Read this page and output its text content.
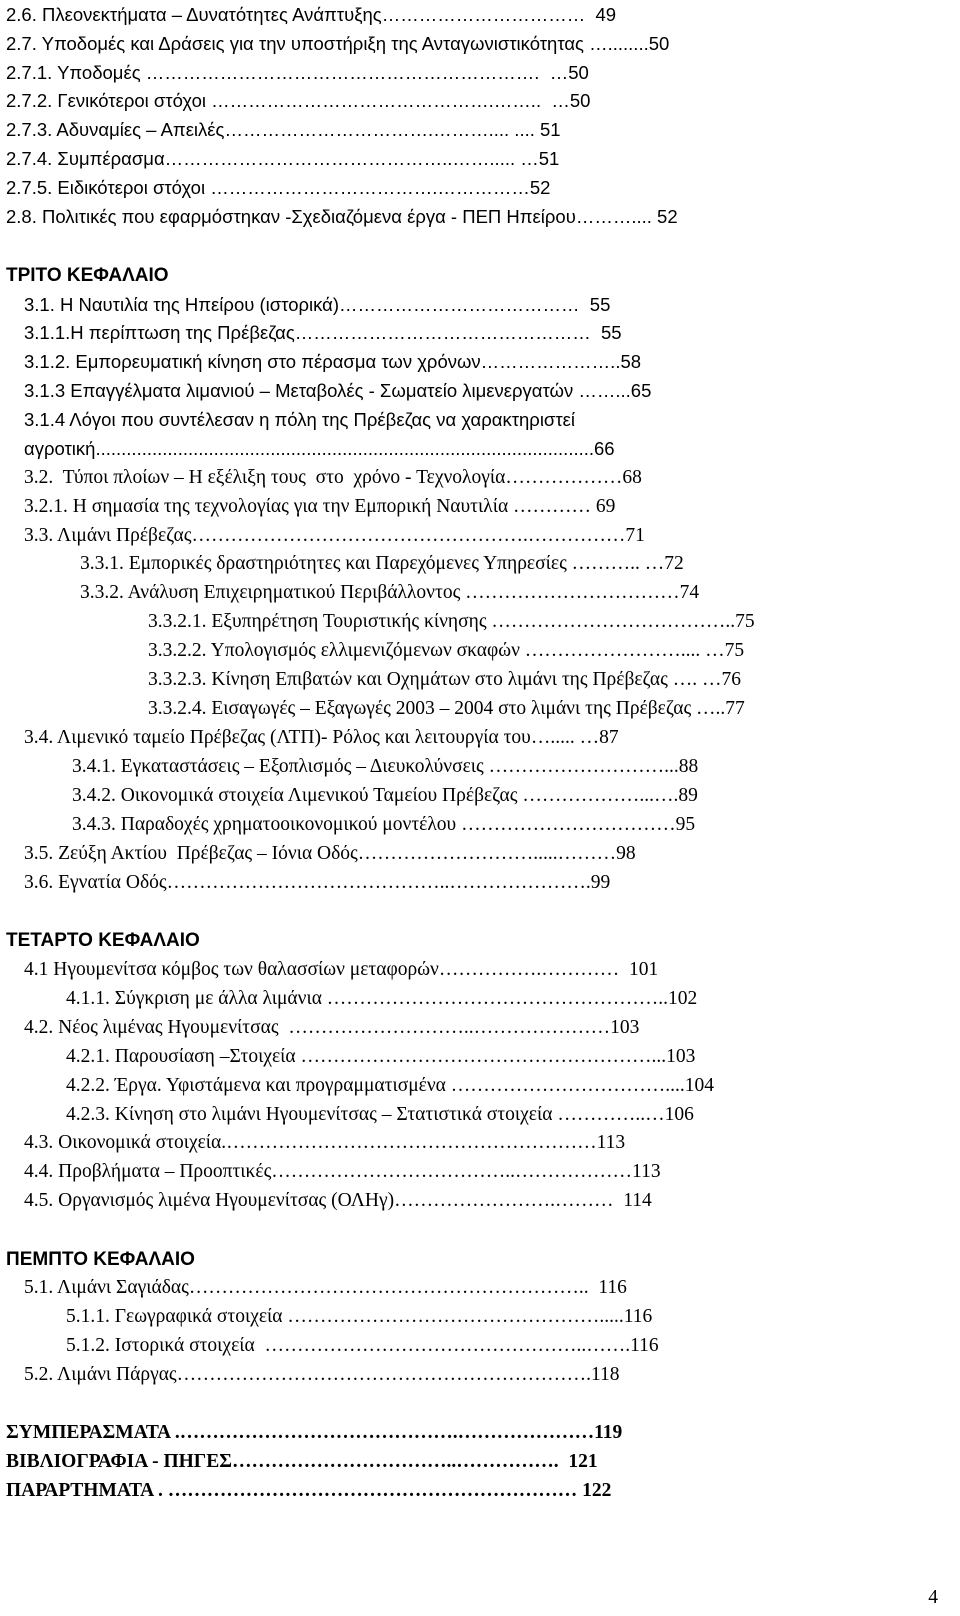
2.6. Πλεονεκτήματα – Δυνατότητες Ανάπτυξης……………………………  49
2.7. Υποδομές και Δράσεις για την υποστήριξη της Ανταγωνιστικότητας …........50
2.7.1. Υποδομές ……………………………………………………….  …50
2.7.2. Γενικότεροι στόχοι ……………………………………….……..  …50
2.7.3. Αδυναμίες – Απειλές…………………………….……….... .... 51
2.7.4. Συμπέρασμα………………………………………..……..... …51
2.7.5. Ειδικότεροι στόχοι ……………………………….……………52
2.8. Πολιτικές που εφαρμόστηκαν -Σχεδιαζόμενα έργα - ΠΕΠ Ηπείρου……….... 52
ΤΡΙΤΟ ΚΕΦΑΛΑΙΟ
3.1. Η Ναυτιλία της Ηπείρου (ιστορικά)…………………………………  55
3.1.1.Η περίπτωση της Πρέβεζας…………………………………………  55
3.1.2. Εμπορευματική κίνηση στο πέρασμα των χρόνων…………………..58
3.1.3 Επαγγέλματα λιμανιού – Μεταβολές - Σωματείο λιμενεργατών ……...65
3.1.4 Λόγοι που συντέλεσαν η πόλη της Πρέβεζας να χαρακτηριστεί
αγροτική.................................................................................................66
3.2.  Τύποι πλοίων – Η εξέλιξη τους  στο  χρόνο - Τεχνολογία………………68
3.2.1. Η σημασία της τεχνολογίας για την Εμπορική Ναυτιλία ………… 69
3.3. Λιμάνι Πρέβεζας…………………………………………….……………71
3.3.1. Εμπορικές δραστηριότητες και Παρεχόμενες Υπηρεσίες ……….. …72
3.3.2. Ανάλυση Επιχειρηματικού Περιβάλλοντος ……………………………74
3.3.2.1. Εξυπηρέτηση Τουριστικής κίνησης ………………………………..75
3.3.2.2. Υπολογισμός ελλιμενιζόμενων σκαφών …………………….... …75
3.3.2.3. Κίνηση Επιβατών και Οχημάτων στο λιμάνι της Πρέβεζας …. …76
3.3.2.4. Εισαγωγές – Εξαγωγές 2003 – 2004 στο λιμάνι της Πρέβεζας …..77
3.4. Λιμενικό ταμείο Πρέβεζας (ΛΤΠ)- Ρόλος και λειτουργία του…..... …87
3.4.1. Εγκαταστάσεις – Εξοπλισμός – Διευκολύνσεις ………………………...88
3.4.2. Οικονομικά στοιχεία Λιμενικού Ταμείου Πρέβεζας ………………...….89
3.4.3. Παραδοχές χρηματοοικονομικού μοντέλου ……………………………95
3.5. Ζεύξη Ακτίου  Πρέβεζας – Ιόνια Οδός……………………….....………98
3.6. Εγνατία Οδός……………………………………..………………….99
ΤΕΤΑΡΤΟ ΚΕΦΑΛΑΙΟ
4.1 Ηγουμενίτσα κόμβος των θαλασσίων μεταφορών…………….…………  101
4.1.1. Σύγκριση με άλλα λιμάνια ……………………………………………..102
4.2. Νέος λιμένας Ηγουμενίτσας  ………………………..…………………103
4.2.1. Παρουσίαση –Στοιχεία ………………………………………………...103
4.2.2. Έργα. Υφιστάμενα και προγραμματισμένα ……………………………....104
4.2.3. Κίνηση στο λιμάνι Ηγουμενίτσας – Στατιστικά στοιχεία …………..…106
4.3. Οικονομικά στοιχεία.…………………………………………………113
4.4. Προβλήματα – Προοπτικές………………………………..………………113
4.5. Οργανισμός λιμένα Ηγουμενίτσας (ΟΛΗγ)…………………….………  114
ΠΕΜΠΤΟ ΚΕΦΑΛΑΙΟ
5.1. Λιμάνι Σαγιάδας……………………………………………………..  116
5.1.1. Γεωγραφικά στοιχεία ………………………………………….....116
5.1.2. Ιστορικά στοιχεία  …………………………………………..…….116
5.2. Λιμάνι Πάργας……………………………………………………….118
ΣΥΜΠΕΡΑΣΜΑΤΑ .…………………………………….…………………119
ΒΙΒΛΙΟΓΡΑΦΙΑ - ΠΗΓΕΣ……………………………..…………….  121
ΠΑΡΑΡΤΗΜΑΤΑ . ……………………………………………………… 122
4
